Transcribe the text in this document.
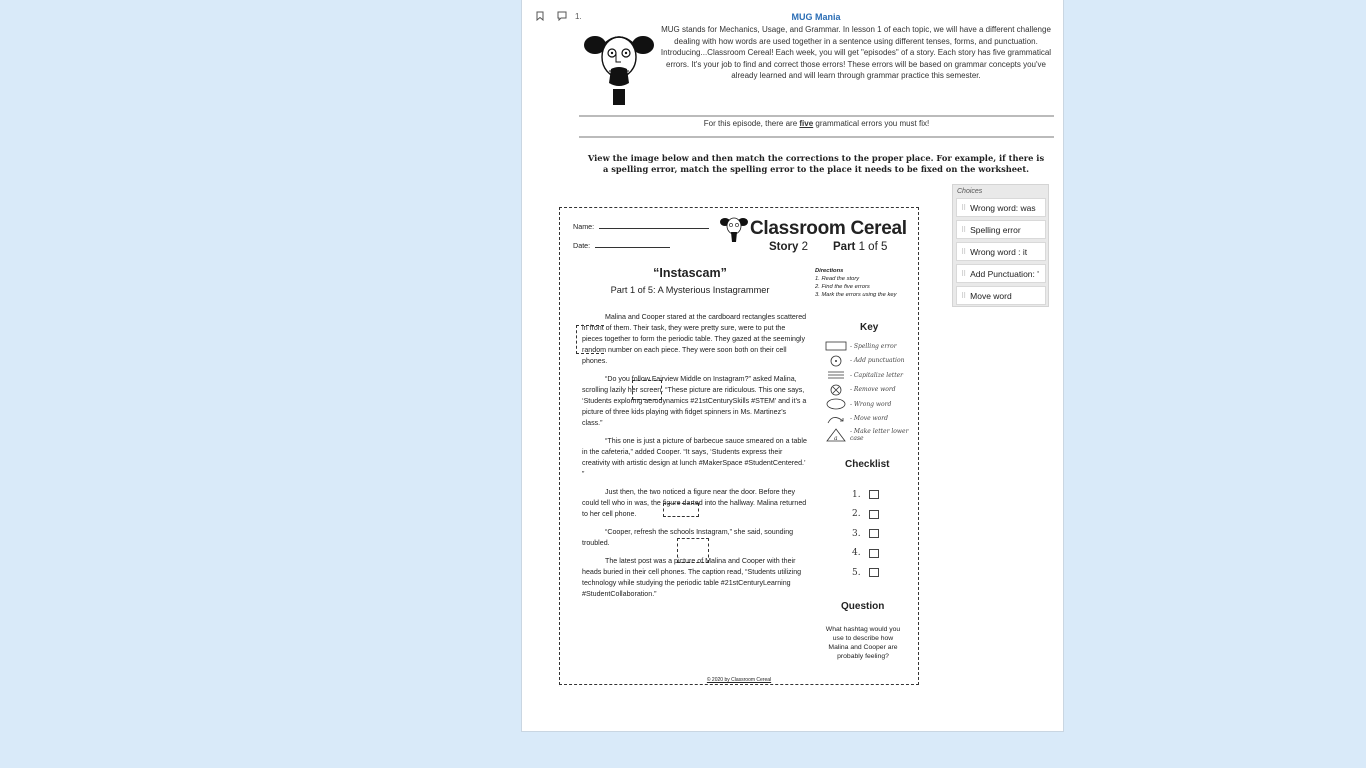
1.	MUG Mania
MUG stands for Mechanics, Usage, and Grammar. In lesson 1 of each topic, we will have a different challenge dealing with how words are used together in a sentence using different tenses, forms, and punctuation. Introducing...Classroom Cereal! Each week, you will get "episodes" of a story. Each story has five grammatical errors. It's your job to find and correct those errors! These errors will be based on grammar concepts you've already learned and will learn through grammar practice this semester.
For this episode, there are five grammatical errors you must fix!
View the image below and then match the corrections to the proper place. For example, if there is a spelling error, match the spelling error to the place it needs to be fixed on the worksheet.
Choices
⠿ Wrong word: was
⠿ Spelling error
⠿ Wrong word : it
⠿ Add Punctuation: '
⠿ Move word
Name:
Date:
Classroom Cereal
Story 2 Part 1 of 5
“Instascam”
Part 1 of 5: A Mysterious Instagrammer
Directions
1. Read the story
2. Find the five errors
3. Mark the errors using the key

Malina and Cooper stared at the cardboard rectangles scattered in front of them. Their task, they were pretty sure, were to put the pieces together to form the periodic table. They gazed at the seemingly random number on each piece. They were soon both on their cell phones.

“Do you follow Fairview Middle on Instagram?” asked Malina, scrolling lazily her screen. “These picture are ridiculous. This one says, ‘Students exploring aerodynamics #21stCenturySkills #STEM’ and it’s a picture of three kids playing with fidget spinners in Ms. Martinez’s class.”

“This one is just a picture of barbecue sauce smeared on a table in the cafeteria,” added Cooper. “It says, ‘Students express their creativity with artistic design at lunch #MakerSpace #StudentCentered.’ ”

Just then, the two noticed a figure near the door. Before they could tell who in was, the figure darted into the hallway. Malina returned to her cell phone.

“Cooper, refresh the schools Instagram,” she said, sounding troubled.

The latest post was a picture of Malina and Cooper with their heads buried in their cell phones. The caption read, “Students utilizing technology while studying the periodic table #21stCenturyLearning #StudentCollaboration.”

Key
- Spelling error
- Add punctuation
- Capitalize letter
- Remove word
- Wrong word
- Move word
a
- Make letter lower case
Checklist
1.
2.
3.
4.
5.
Question
What hashtag would you use to describe how Malina and Cooper are probably feeling?
© 2020 by Classroom Cereal
